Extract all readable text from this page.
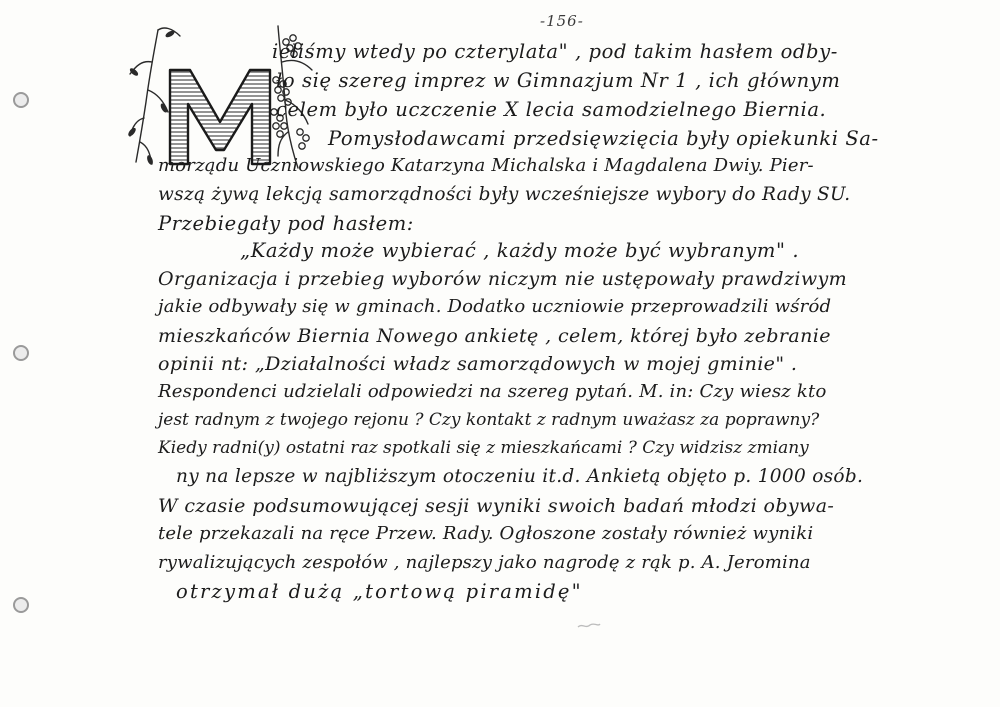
-156-
ieliśmy wtedy po czterylata" , pod takim hasłem odby-
ło się szereg imprez w Gimnazjum Nr 1 , ich głównym
celem było uczczenie X lecia samodzielnego Biernia.
Pomysłodawcami przedsięwzięcia były opiekunki Sa-
morządu Uczniowskiego Katarzyna Michalska i Magdalena Dwiy. Pier-
wszą żywą lekcją samorządności były wcześniejsze wybory do Rady SU.
Przebiegały pod hasłem:
„Każdy może wybierać , każdy może być wybranym" .
Organizacja i przebieg wyborów niczym nie ustępowały prawdziwym
jakie odbywały się w gminach. Dodatko uczniowie przeprowadzili wśród
mieszkańców Biernia Nowego ankietę , celem, której było zebranie
opinii nt: „Działalności władz samorządowych w mojej gminie" .
Respondenci udzielali odpowiedzi na szereg pytań. M. in: Czy wiesz kto
jest radnym z twojego rejonu ? Czy kontakt z radnym uważasz za poprawny?
Kiedy radni(y) ostatni raz spotkali się z mieszkańcami ? Czy widzisz zmiany
ny na lepsze w najbliższym otoczeniu it.d. Ankietą objęto p. 1000 osób.
W czasie podsumowującej sesji wyniki swoich badań młodzi obywa-
tele przekazali na ręce Przew. Rady. Ogłoszone zostały również wyniki
rywalizujących zespołów , najlepszy jako nagrodę z rąk p. A. Jeromina
otrzymał dużą „tortową piramidę"
